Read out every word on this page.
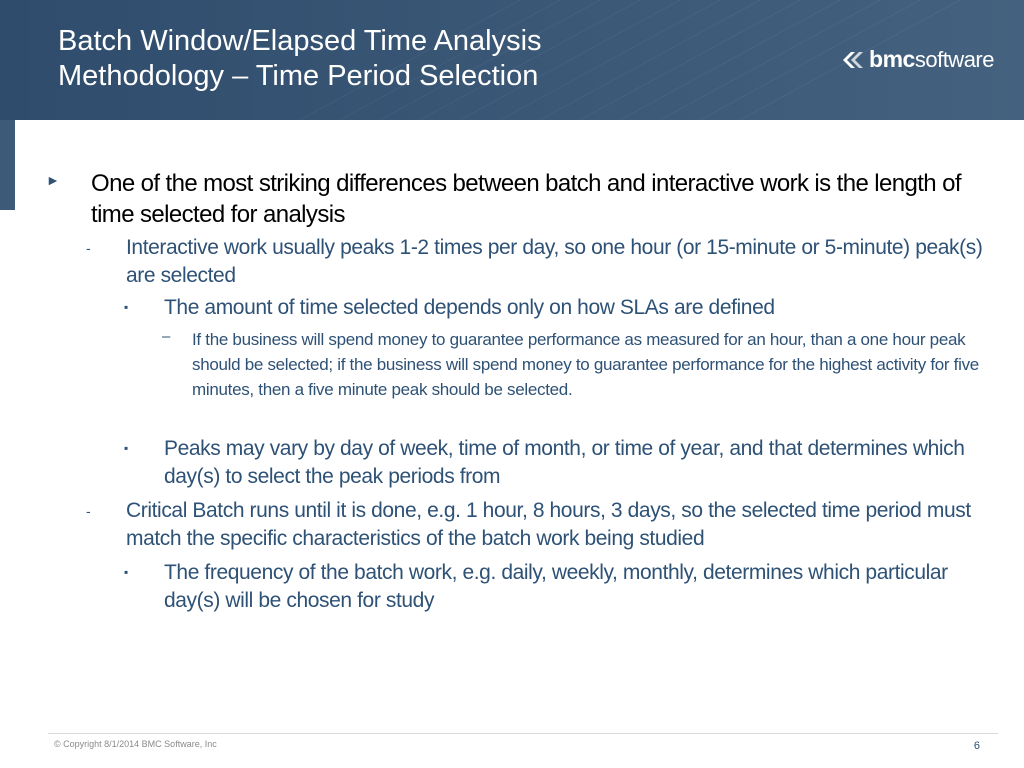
Batch Window/Elapsed Time Analysis
Methodology – Time Period Selection
bmc software
► One of the most striking differences between batch and interactive work is the length of time selected for analysis
- Interactive work usually peaks 1-2 times per day, so one hour (or 15-minute or 5-minute) peak(s) are selected
▪ The amount of time selected depends only on how SLAs are defined
– If the business will spend money to guarantee performance as measured for an hour, than a one hour peak should be selected; if the business will spend money to guarantee performance for the highest activity for five minutes, then a five minute peak should be selected.
▪ Peaks may vary by day of week, time of month, or time of year, and that determines which day(s) to select the peak periods from
- Critical Batch runs until it is done, e.g. 1 hour, 8 hours, 3 days, so the selected time period must match the specific characteristics of the batch work being studied
▪ The frequency of the batch work, e.g. daily, weekly, monthly, determines which particular day(s) will be chosen for study
© Copyright 8/1/2014 BMC Software, Inc	6
